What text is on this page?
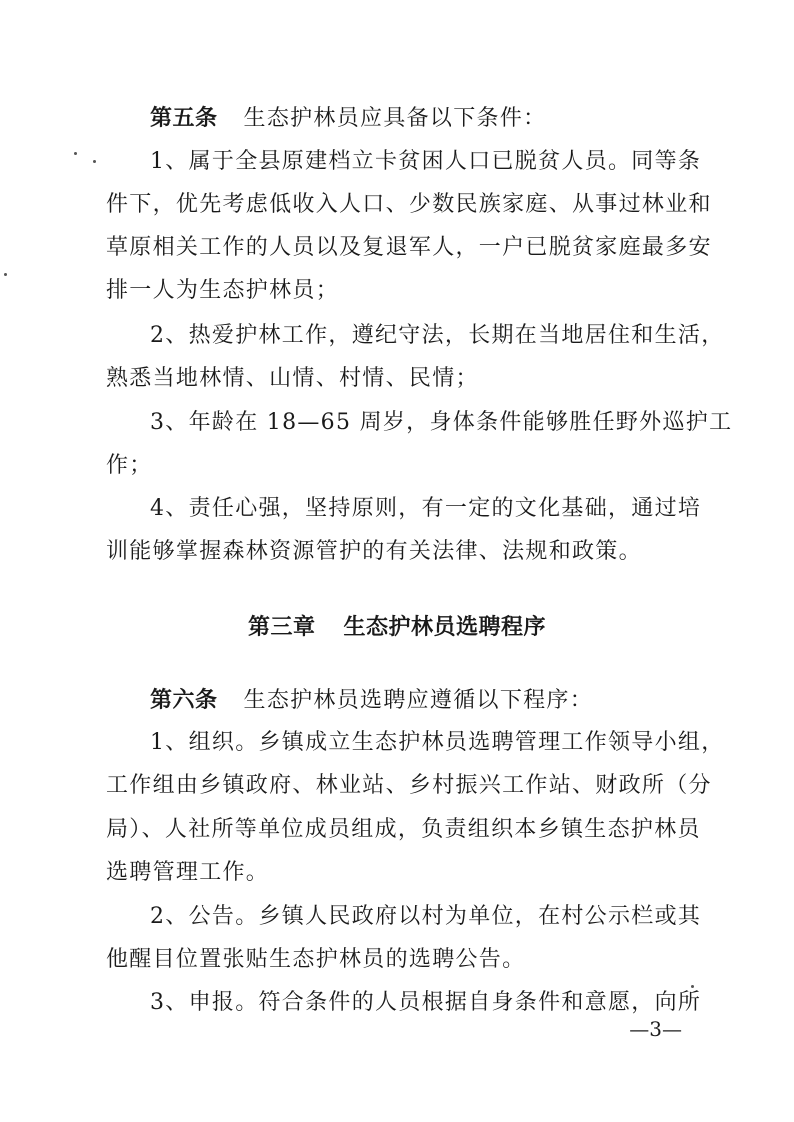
第五条 生态护林员应具备以下条件：
1、属于全县原建档立卡贫困人口已脱贫人员。同等条
件下，优先考虑低收入人口、少数民族家庭、从事过林业和
草原相关工作的人员以及复退军人，一户已脱贫家庭最多安
排一人为生态护林员；
2、热爱护林工作，遵纪守法，长期在当地居住和生活，
熟悉当地林情、山情、村情、民情；
3、年龄在 18—65 周岁，身体条件能够胜任野外巡护工
作；
4、责任心强，坚持原则，有一定的文化基础，通过培
训能够掌握森林资源管护的有关法律、法规和政策。
第三章 生态护林员选聘程序
第六条 生态护林员选聘应遵循以下程序：
1、组织。乡镇成立生态护林员选聘管理工作领导小组，
工作组由乡镇政府、林业站、乡村振兴工作站、财政所（分
局）、人社所等单位成员组成，负责组织本乡镇生态护林员
选聘管理工作。
2、公告。乡镇人民政府以村为单位，在村公示栏或其
他醒目位置张贴生态护林员的选聘公告。
3、申报。符合条件的人员根据自身条件和意愿，向所
—3—
